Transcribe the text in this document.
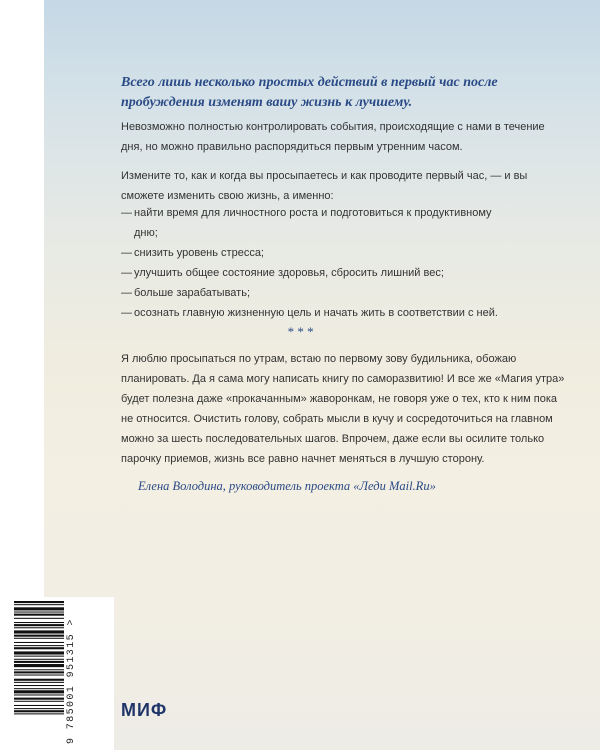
Всего лишь несколько простых действий в первый час после пробуждения изменят вашу жизнь к лучшему.

Невозможно полностью контролировать события, происходящие с нами в течение дня, но можно правильно распорядиться первым утренним часом.

Измените то, как и когда вы просыпаетесь и как проводите первый час, — и вы сможете изменить свою жизнь, а именно:

— найти время для личностного роста и подготовиться к продуктивному
дню;
— снизить уровень стресса;
— улучшить общее состояние здоровья, сбросить лишний вес;
— больше зарабатывать;
— осознать главную жизненную цель и начать жить в соответствии с ней.

* * *

Я люблю просыпаться по утрам, встаю по первому зову будильника, обожаю планировать. Да я сама могу написать книгу по саморазвитию! И все же «Магия утра» будет полезна даже «прокачанным» жаворонкам, не говоря уже о тех, кто к ним пока не относится. Очистить голову, собрать мысли в кучу и сосредоточиться на главном можно за шесть последовательных шагов. Впрочем, даже если вы осилите только парочку приемов, жизнь все равно начнет меняться в лучшую сторону.

Елена Володина, руководитель проекта «Леди Mail.Ru»

9 785001 951315 > МИФ
